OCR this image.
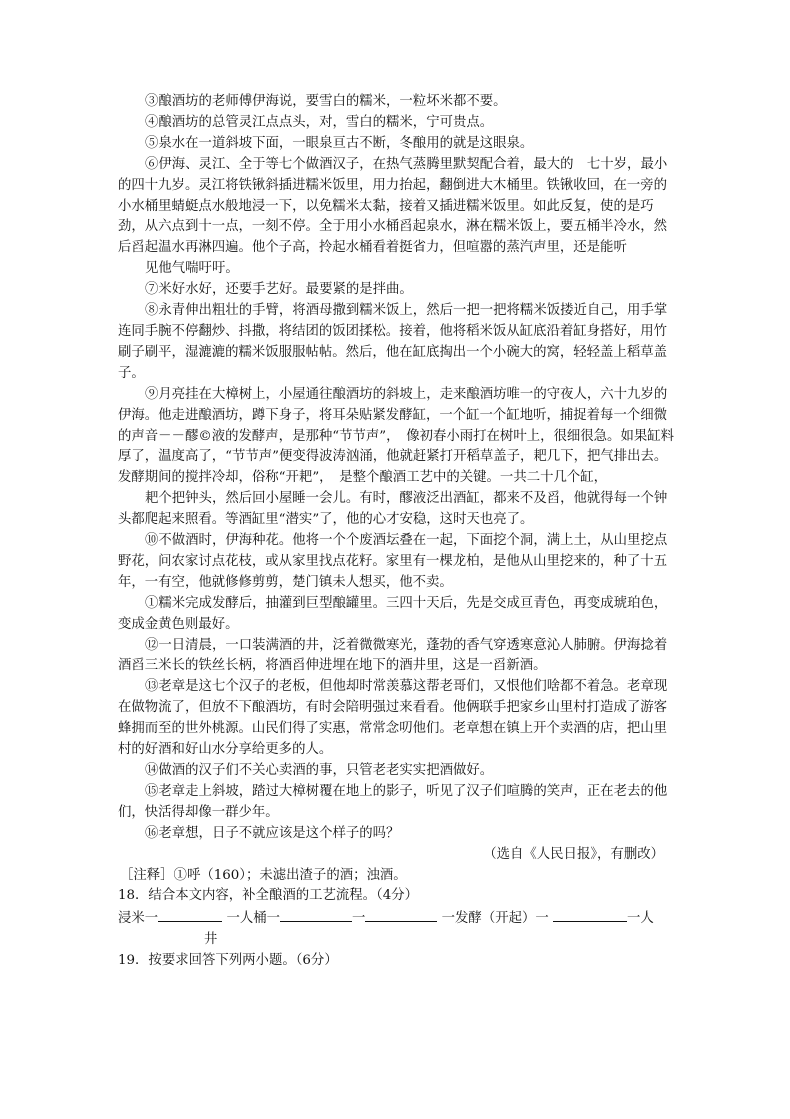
③酿酒坊的老师傅伊海说，要雪白的糯米，一粒坏米都不要。

④酿酒坊的总管灵江点点头，对，雪白的糯米，宁可贵点。

⑤泉水在一道斜坡下面，一眼泉亘古不断，冬酿用的就是这眼泉。

⑥伊海、灵江、全于等七个做酒汉子，在热气蒸腾里默契配合着，最大的　七十岁，最小的四十九岁。灵江将铁锹斜插进糯米饭里，用力抬起，翻倒进大木桶里。铁锹收回，在一旁的小水桶里蜻蜓点水般地浸一下，以免糯米太黏，接着又插进糯米饭里。如此反复，使的是巧劲，从六点到十一点，一刻不停。全于用小水桶舀起泉水，淋在糯米饭上，要五桶半冷水，然后舀起温水再淋四遍。他个子高，拎起水桶看着挺省力，但喧嚣的蒸汽声里，还是能听

见他气喘吁吁。

⑦米好水好，还要手艺好。最要紧的是拌曲。

⑧永青伸出粗壮的手臂，将酒母撒到糯米饭上，然后一把一把将糯米饭搂近自己，用手掌连同手腕不停翻炒、抖撒，将结团的饭团揉松。接着，他将稻米饭从缸底沿着缸身搭好，用竹刷子刷平，湿漉漉的糯米饭服服帖帖。然后，他在缸底掏出一个小碗大的窝，轻轻盖上稻草盖子。

⑨月亮挂在大樟树上，小屋通往酿酒坊的斜坡上，走来酿酒坊唯一的守夜人，六十九岁的伊海。他走进酿酒坊，蹲下身子，将耳朵贴紧发酵缸，一个缸一个缸地听，捕捉着每一个细微的声音－－醪©液的发酵声，是那种“节节声”，　像初春小雨打在树叶上，很细很急。如果缸料厚了，温度高了，“节节声”便变得波涛汹涌，他就赶紧打开稻草盖子，耙几下，把气排出去。发酵期间的搅拌冷却，俗称“开耙”，　是整个酿酒工艺中的关键。一共二十几个缸，

耙个把钟头，然后回小屋睡一会儿。有时，醪液泛出酒缸，都来不及舀，他就得每一个钟头都爬起来照看。等酒缸里“潜实”了，他的心才安稳，这时天也亮了。

⑩不做酒时，伊海种花。他将一个个废酒坛叠在一起，下面挖个洞，满上土，从山里挖点野花，问农家讨点花枝，或从家里找点花籽。家里有一棵龙柏，是他从山里挖来的，种了十五年，一有空，他就修修剪剪，楚门镇未人想买，他不卖。

①糯米完成发酵后，抽灌到巨型酿罐里。三四十天后，先是交成亘青色，再变成琥珀色，变成金黄色则最好。

⑫一日清晨，一口装满酒的井，泛着微微寒光，蓬勃的香气穿透寒意沁人肺腑。伊海捻着酒舀三米长的铁丝长柄，将酒舀伸进埋在地下的酒井里，这是一舀新酒。

⑬老章是这七个汉子的老板，但他却时常羡慕这帮老哥们，又恨他们啥都不着急。老章现在做物流了，但放不下酿酒坊，有时会陪明强过来看看。他俩联手把家乡山里村打造成了游客蜂拥而至的世外桃源。山民们得了实惠，常常念叨他们。老章想在镇上开个卖酒的店，把山里村的好酒和好山水分享给更多的人。

⑭做酒的汉子们不关心卖酒的事，只管老老实实把酒做好。

⑮老章走上斜坡，踏过大樟树覆在地上的影子，听见了汉子们喧腾的笑声，正在老去的他们，快活得却像一群少年。

⑯老章想，日子不就应该是这个样子的吗？

（选自《人民日报》，有删改）

［注释］①呼（160）；未滤出渣子的酒；浊酒。

18．结合本文内容，补全酿酒的工艺流程。（4分）

浸米一	一人桶一	一	一发酵（开起）一	一人

井

19．按要求回答下列两小题。（6分）
